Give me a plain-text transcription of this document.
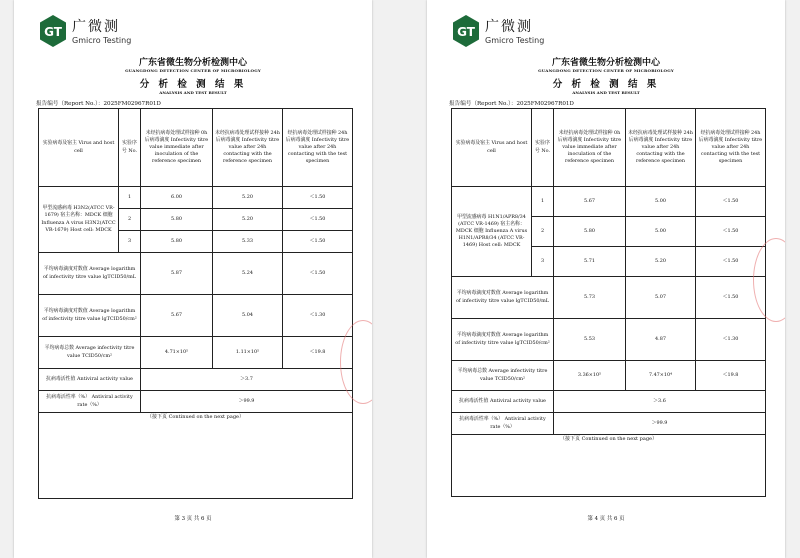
GT 广微测
Gmicro Testing
广东省微生物分析检测中心
GUANGDONG DETECTION CENTER OF MICROBIOLOGY
分 析 检 测 结 果
ANALYSIS AND TEST RESULT
报告编号（Report No.）：2025FM02967R01D
实验病毒及宿主 Virus and host cell	实验序号 No.	未经抗病毒处理试样接种 0h 后病毒滴度 Infectivity titre value immediate after inoculation of the reference specimen	未经抗病毒处理试样接种 24h 后病毒滴度 Infectivity titre value after 24h contacting with the reference specimen	经抗病毒处理试样接种 24h 后病毒滴度 Infectivity titre value after 24h contacting with the test specimen
甲型流感病毒 H3N2(ATCC VR-1679) 宿主名称：MDCK 细胞 Influenza A virus H3N2(ATCC VR-1679) Host cell: MDCK	1	6.00	5.20	＜1.50
	2	5.80	5.20	＜1.50
	3	5.80	5.33	＜1.50
平均病毒滴度对数值 Average logarithm of infectivity titre value lgTCID50/mL		5.87	5.24	＜1.50
平均病毒滴度对数值 Average logarithm of infectivity titre value lgTCID50/cm²		5.67	5.04	＜1.30
平均病毒总数 Average infectivity titre value TCID50/cm²		4.71×10⁵	1.11×10⁵	＜19.8
抗病毒活性值 Antiviral activity value		＞3.7		
抗病毒活性率（%） Antiviral activity rate（%）		＞99.9		
（接下页 Continued on the next page）				
第 3 页 共 6 页
GT 广微测
Gmicro Testing
广东省微生物分析检测中心
GUANGDONG DETECTION CENTER OF MICROBIOLOGY
分 析 检 测 结 果
ANALYSIS AND TEST RESULT
报告编号（Report No.）：2025FM02967R01D
实验病毒及宿主 Virus and host cell	实验序号 No.	未经抗病毒处理试样接种 0h 后病毒滴度 Infectivity titre value immediate after inoculation of the reference specimen	未经抗病毒处理试样接种 24h 后病毒滴度 Infectivity titre value after 24h contacting with the reference specimen	经抗病毒处理试样接种 24h 后病毒滴度 Infectivity titre value after 24h contacting with the test specimen
甲型流感病毒 H1N1/APR8/34 (ATCC VR-1469) 宿主名称：MDCK 细胞 Influenza A virus H1N1/APR8/34 (ATCC VR-1469) Host cell: MDCK	1	5.67	5.00	＜1.50
	2	5.80	5.00	＜1.50
	3	5.71	5.20	＜1.50
平均病毒滴度对数值 Average logarithm of infectivity titre value lgTCID50/mL		5.73	5.07	＜1.50
平均病毒滴度对数值 Average logarithm of infectivity titre value lgTCID50/cm²		5.53	4.87	＜1.30
平均病毒总数 Average infectivity titre value TCID50/cm²		3.36×10⁵	7.47×10⁴	＜19.8
抗病毒活性值 Antiviral activity value		＞3.6		
抗病毒活性率（%） Antiviral activity rate（%）		＞99.9		
（接下页 Continued on the next page）				
第 4 页 共 6 页
